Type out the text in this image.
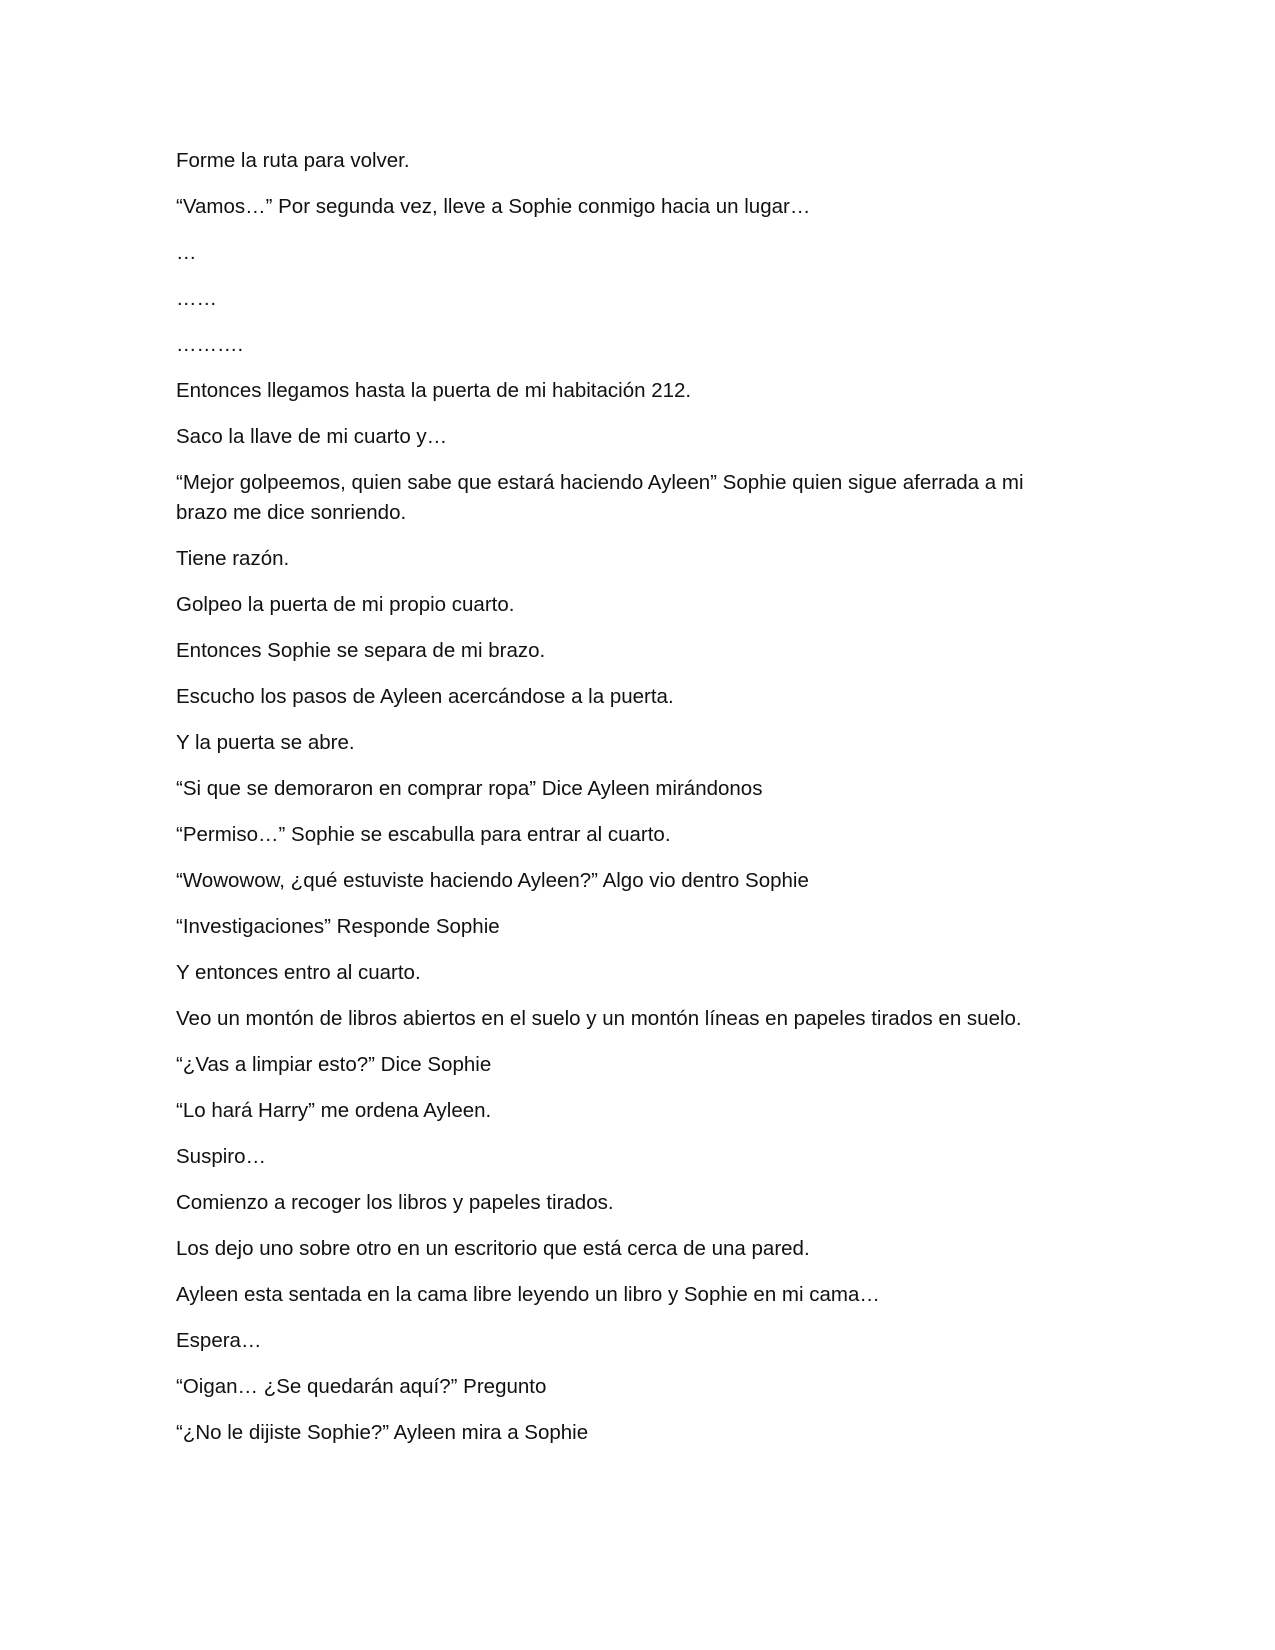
Forme la ruta para volver.

“Vamos…” Por segunda vez, lleve a Sophie conmigo hacia un lugar…

…

……

……….

Entonces llegamos hasta la puerta de mi habitación 212.

Saco la llave de mi cuarto y…

“Mejor golpeemos, quien sabe que estará haciendo Ayleen” Sophie quien sigue aferrada a mi brazo me dice sonriendo.

Tiene razón.

Golpeo la puerta de mi propio cuarto.

Entonces Sophie se separa de mi brazo.

Escucho los pasos de Ayleen acercándose a la puerta.

Y la puerta se abre.

“Si que se demoraron en comprar ropa” Dice Ayleen mirándonos

“Permiso…” Sophie se escabulla para entrar al cuarto.

“Wowowow, ¿qué estuviste haciendo Ayleen?” Algo vio dentro Sophie

“Investigaciones” Responde Sophie

Y entonces entro al cuarto.

Veo un montón de libros abiertos en el suelo y un montón líneas en papeles tirados en suelo.

“¿Vas a limpiar esto?” Dice Sophie

“Lo hará Harry” me ordena Ayleen.

Suspiro…

Comienzo a recoger los libros y papeles tirados.

Los dejo uno sobre otro en un escritorio que está cerca de una pared.

Ayleen esta sentada en la cama libre leyendo un libro y Sophie en mi cama…

Espera…

“Oigan… ¿Se quedarán aquí?” Pregunto

“¿No le dijiste Sophie?” Ayleen mira a Sophie
